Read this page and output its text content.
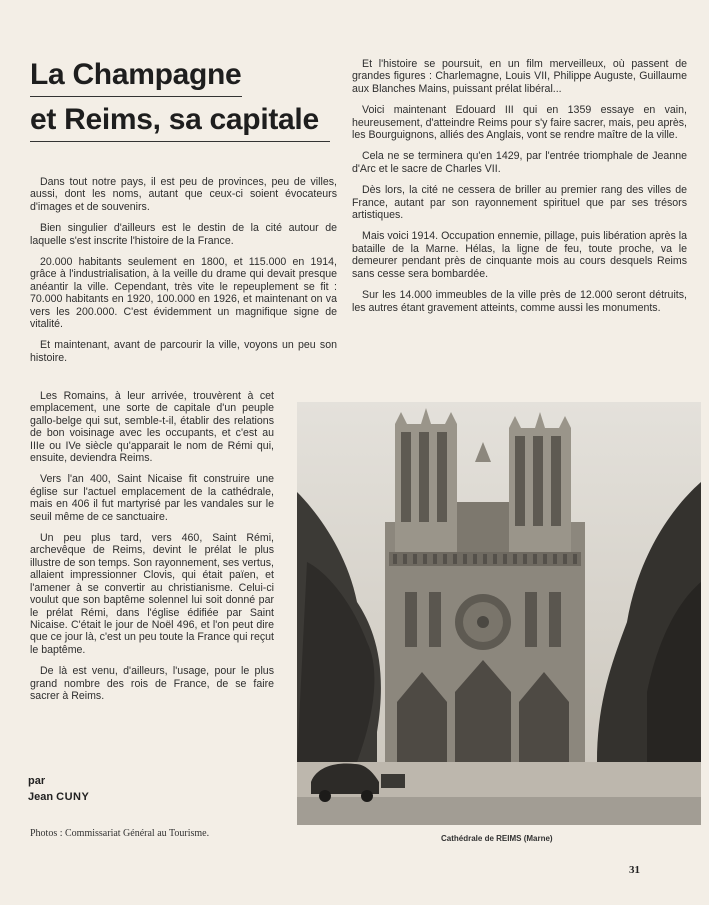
La Champagne
et Reims, sa capitale

Dans tout notre pays, il est peu de provinces, peu de villes, aussi, dont les noms, autant que ceux-ci soient évocateurs d'images et de souvenirs.

Bien singulier d'ailleurs est le destin de la cité autour de laquelle s'est inscrite l'histoire de la France.

20.000 habitants seulement en 1800, et 115.000 en 1914, grâce à l'industrialisation, à la veille du drame qui devait presque anéantir la ville. Cependant, très vite le repeuplement se fit : 70.000 habitants en 1920, 100.000 en 1926, et maintenant on va vers les 200.000. C'est évidemment un magnifique signe de vitalité.

Et maintenant, avant de parcourir la ville, voyons un peu son histoire.

Les Romains, à leur arrivée, trouvèrent à cet emplacement, une sorte de capitale d'un peuple gallo-belge qui sut, semble-t-il, établir des relations de bon voisinage avec les occupants, et c'est au IIIe ou IVe siècle qu'apparait le nom de Rémi qui, ensuite, deviendra Reims.

Vers l'an 400, Saint Nicaise fit construire une église sur l'actuel emplacement de la cathédrale, mais en 406 il fut martyrisé par les vandales sur le seuil même de ce sanctuaire.

Un peu plus tard, vers 460, Saint Rémi, archevêque de Reims, devint le prélat le plus illustre de son temps. Son rayonnement, ses vertus, allaient impressionner Clovis, qui était païen, et l'amener à se convertir au christianisme. Celui-ci voulut que son baptême solennel lui soit donné par le prélat Rémi, dans l'église édifiée par Saint Nicaise. C'était le jour de Noël 496, et l'on peut dire que ce jour là, c'est un peu toute la France qui reçut le baptême.

De là est venu, d'ailleurs, l'usage, pour le plus grand nombre des rois de France, de se faire sacrer à Reims.

Et l'histoire se poursuit, en un film merveilleux, où passent de grandes figures : Charlemagne, Louis VII, Philippe Auguste, Guillaume aux Blanches Mains, puissant prélat libéral...

Voici maintenant Edouard III qui en 1359 essaye en vain, heureusement, d'atteindre Reims pour s'y faire sacrer, mais, peu après, les Bourguignons, alliés des Anglais, vont se rendre maître de la ville.

Cela ne se terminera qu'en 1429, par l'entrée triomphale de Jeanne d'Arc et le sacre de Charles VII.

Dès lors, la cité ne cessera de briller au premier rang des villes de France, autant par son rayonnement spirituel que par ses trésors artistiques.

Mais voici 1914. Occupation ennemie, pillage, puis libération après la bataille de la Marne. Hélas, la ligne de feu, toute proche, va le demeurer pendant près de cinquante mois au cours desquels Reims sans cesse sera bombardée.

Sur les 14.000 immeubles de la ville près de 12.000 seront détruits, les autres étant gravement atteints, comme aussi les monuments.

par
Jean CUNY
Photos : Commissariat Général au Tourisme.	Cathédrale de REIMS (Marne)
31
